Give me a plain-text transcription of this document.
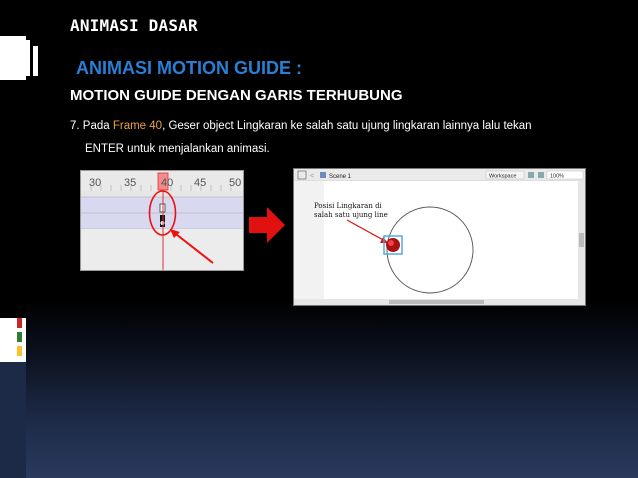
ANIMASI DASAR
ANIMASI MOTION GUIDE :
MOTION GUIDE DENGAN GARIS TERHUBUNG
7. Pada Frame 40, Geser object Lingkaran ke salah satu ujung lingkaran lainnya lalu tekan
ENTER untuk menjalankan animasi.
30 35 40 45 50
< Scene 1	Workspace	100%
Posisi Lingkaran di
salah satu ujung line
